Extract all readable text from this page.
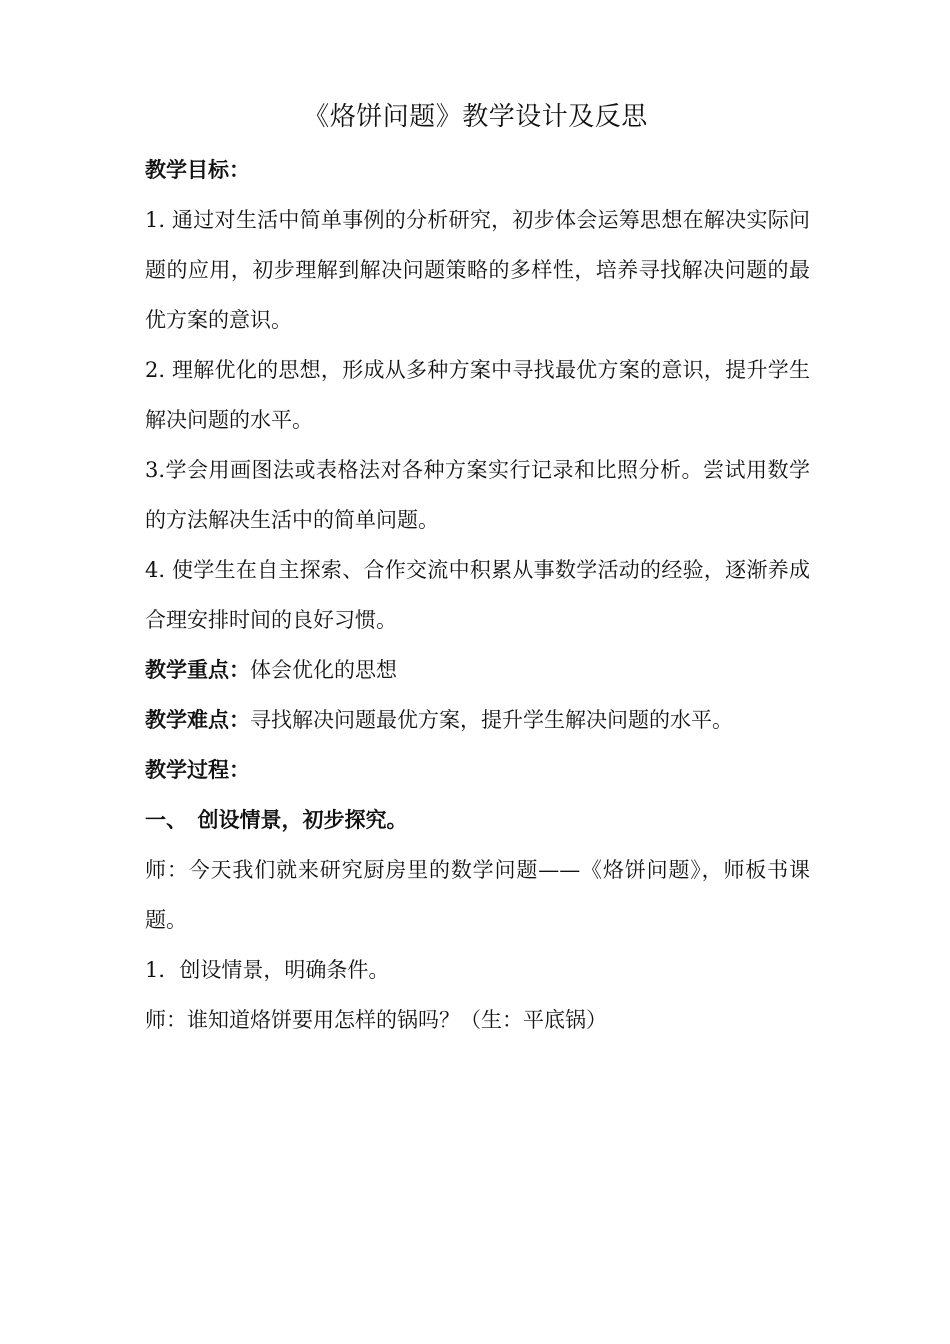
《烙饼问题》教学设计及反思

教学目标：

1. 通过对生活中简单事例的分析研究，初步体会运筹思想在解决实际问题的应用，初步理解到解决问题策略的多样性，培养寻找解决问题的最优方案的意识。

2. 理解优化的思想，形成从多种方案中寻找最优方案的意识，提升学生解决问题的水平。

3.学会用画图法或表格法对各种方案实行记录和比照分析。尝试用数学的方法解决生活中的简单问题。

4. 使学生在自主探索、合作交流中积累从事数学活动的经验，逐渐养成合理安排时间的良好习惯。

教学重点：体会优化的思想

教学难点：寻找解决问题最优方案，提升学生解决问题的水平。

教学过程：

一、　创设情景，初步探究。

师：今天我们就来研究厨房里的数学问题——《烙饼问题》，师板书课题。

1．创设情景，明确条件。

师：谁知道烙饼要用怎样的锅吗？（生：平底锅）
